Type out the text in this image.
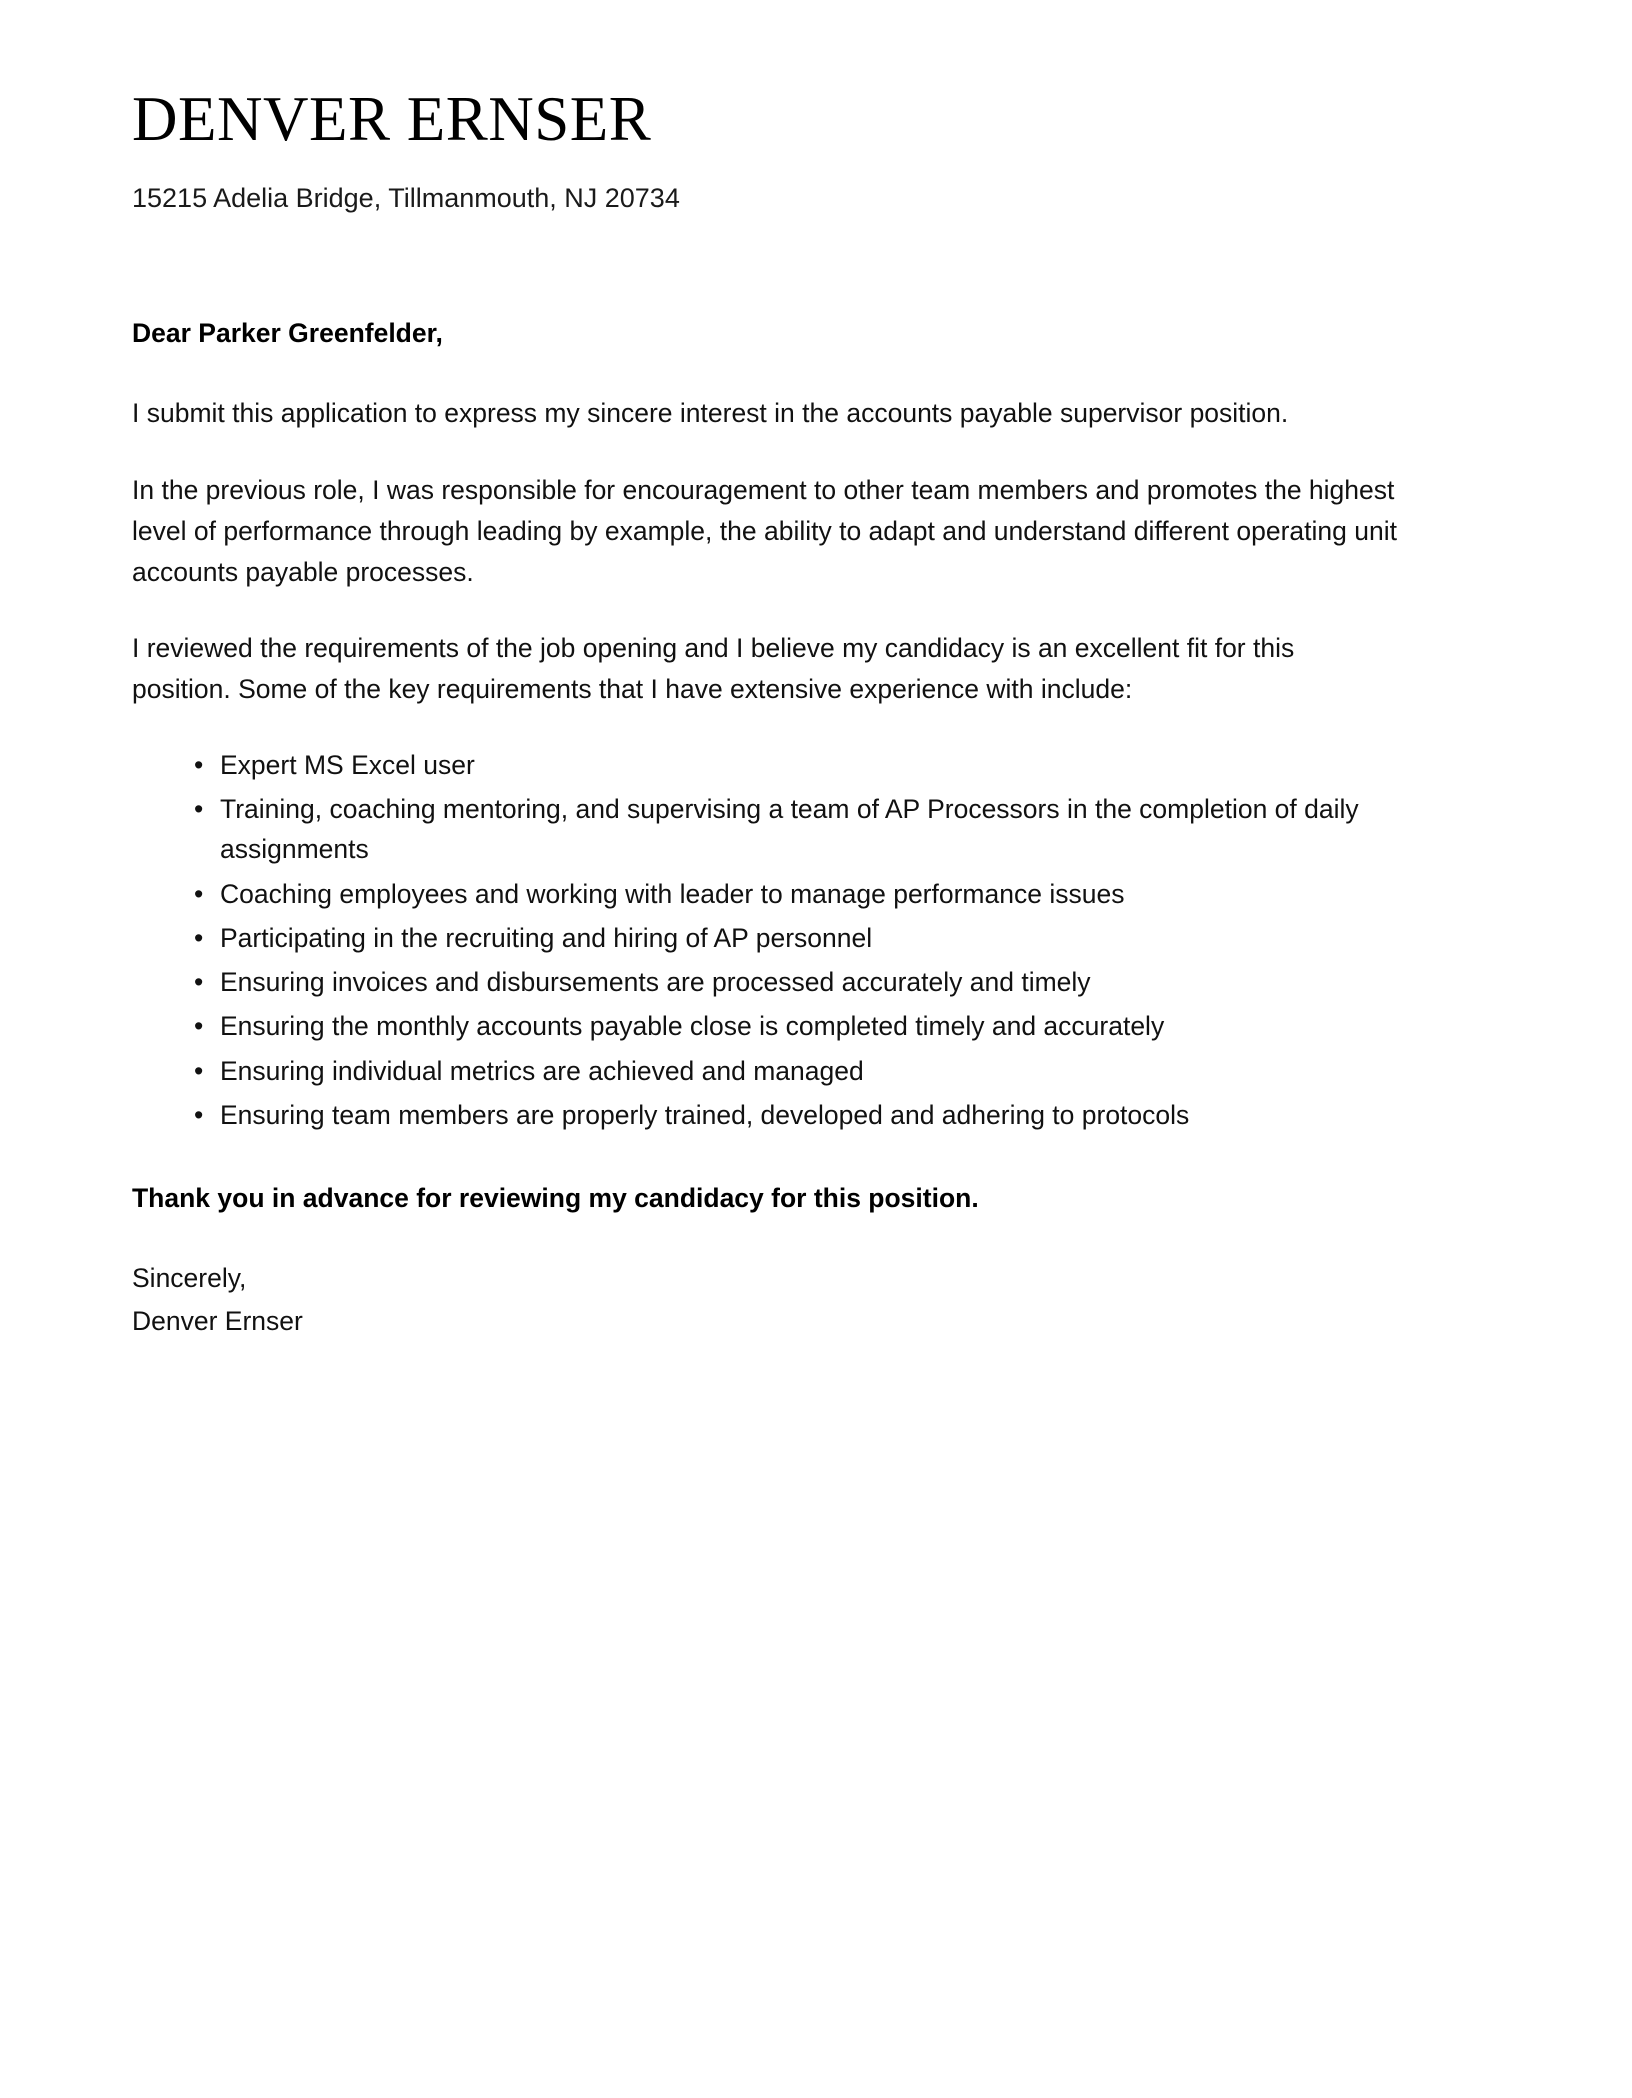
DENVER ERNSER
15215 Adelia Bridge, Tillmanmouth, NJ 20734

Dear Parker Greenfelder,

I submit this application to express my sincere interest in the accounts payable supervisor position.

In the previous role, I was responsible for encouragement to other team members and promotes the highest level of performance through leading by example, the ability to adapt and understand different operating unit accounts payable processes.

I reviewed the requirements of the job opening and I believe my candidacy is an excellent fit for this position. Some of the key requirements that I have extensive experience with include:

• Expert MS Excel user
• Training, coaching mentoring, and supervising a team of AP Processors in the completion of daily assignments
• Coaching employees and working with leader to manage performance issues
• Participating in the recruiting and hiring of AP personnel
• Ensuring invoices and disbursements are processed accurately and timely
• Ensuring the monthly accounts payable close is completed timely and accurately
• Ensuring individual metrics are achieved and managed
• Ensuring team members are properly trained, developed and adhering to protocols

Thank you in advance for reviewing my candidacy for this position.

Sincerely,
Denver Ernser
